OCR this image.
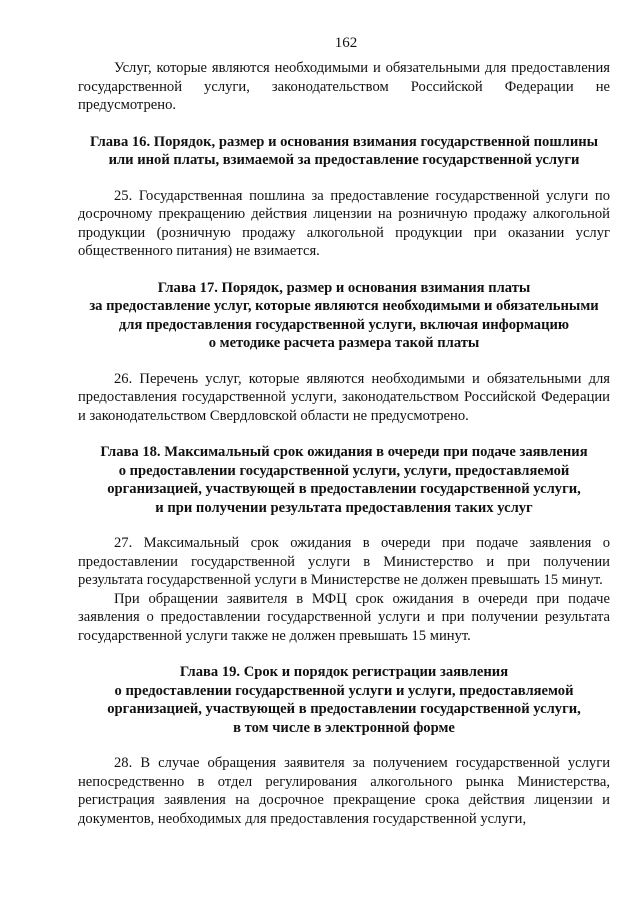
162

Услуг, которые являются необходимыми и обязательными для предоставления государственной услуги, законодательством Российской Федерации не предусмотрено.

Глава 16. Порядок, размер и основания взимания государственной пошлины
или иной платы, взимаемой за предоставление государственной услуги

25. Государственная пошлина за предоставление государственной услуги по досрочному прекращению действия лицензии на розничную продажу алкогольной продукции (розничную продажу алкогольной продукции при оказании услуг общественного питания) не взимается.

Глава 17. Порядок, размер и основания взимания платы
за предоставление услуг, которые являются необходимыми и обязательными
для предоставления государственной услуги, включая информацию
о методике расчета размера такой платы

26. Перечень услуг, которые являются необходимыми и обязательными для предоставления государственной услуги, законодательством Российской Федерации и законодательством Свердловской области не предусмотрено.

Глава 18. Максимальный срок ожидания в очереди при подаче заявления
о предоставлении государственной услуги, услуги, предоставляемой
организацией, участвующей в предоставлении государственной услуги,
и при получении результата предоставления таких услуг

27. Максимальный срок ожидания в очереди при подаче заявления о предоставлении государственной услуги в Министерство и при получении результата государственной услуги в Министерстве не должен превышать 15 минут.

При обращении заявителя в МФЦ срок ожидания в очереди при подаче заявления о предоставлении государственной услуги и при получении результата государственной услуги также не должен превышать 15 минут.

Глава 19. Срок и порядок регистрации заявления
о предоставлении государственной услуги и услуги, предоставляемой
организацией, участвующей в предоставлении государственной услуги,
в том числе в электронной форме

28. В случае обращения заявителя за получением государственной услуги непосредственно в отдел регулирования алкогольного рынка Министерства, регистрация заявления на досрочное прекращение срока действия лицензии и документов, необходимых для предоставления государственной услуги,
